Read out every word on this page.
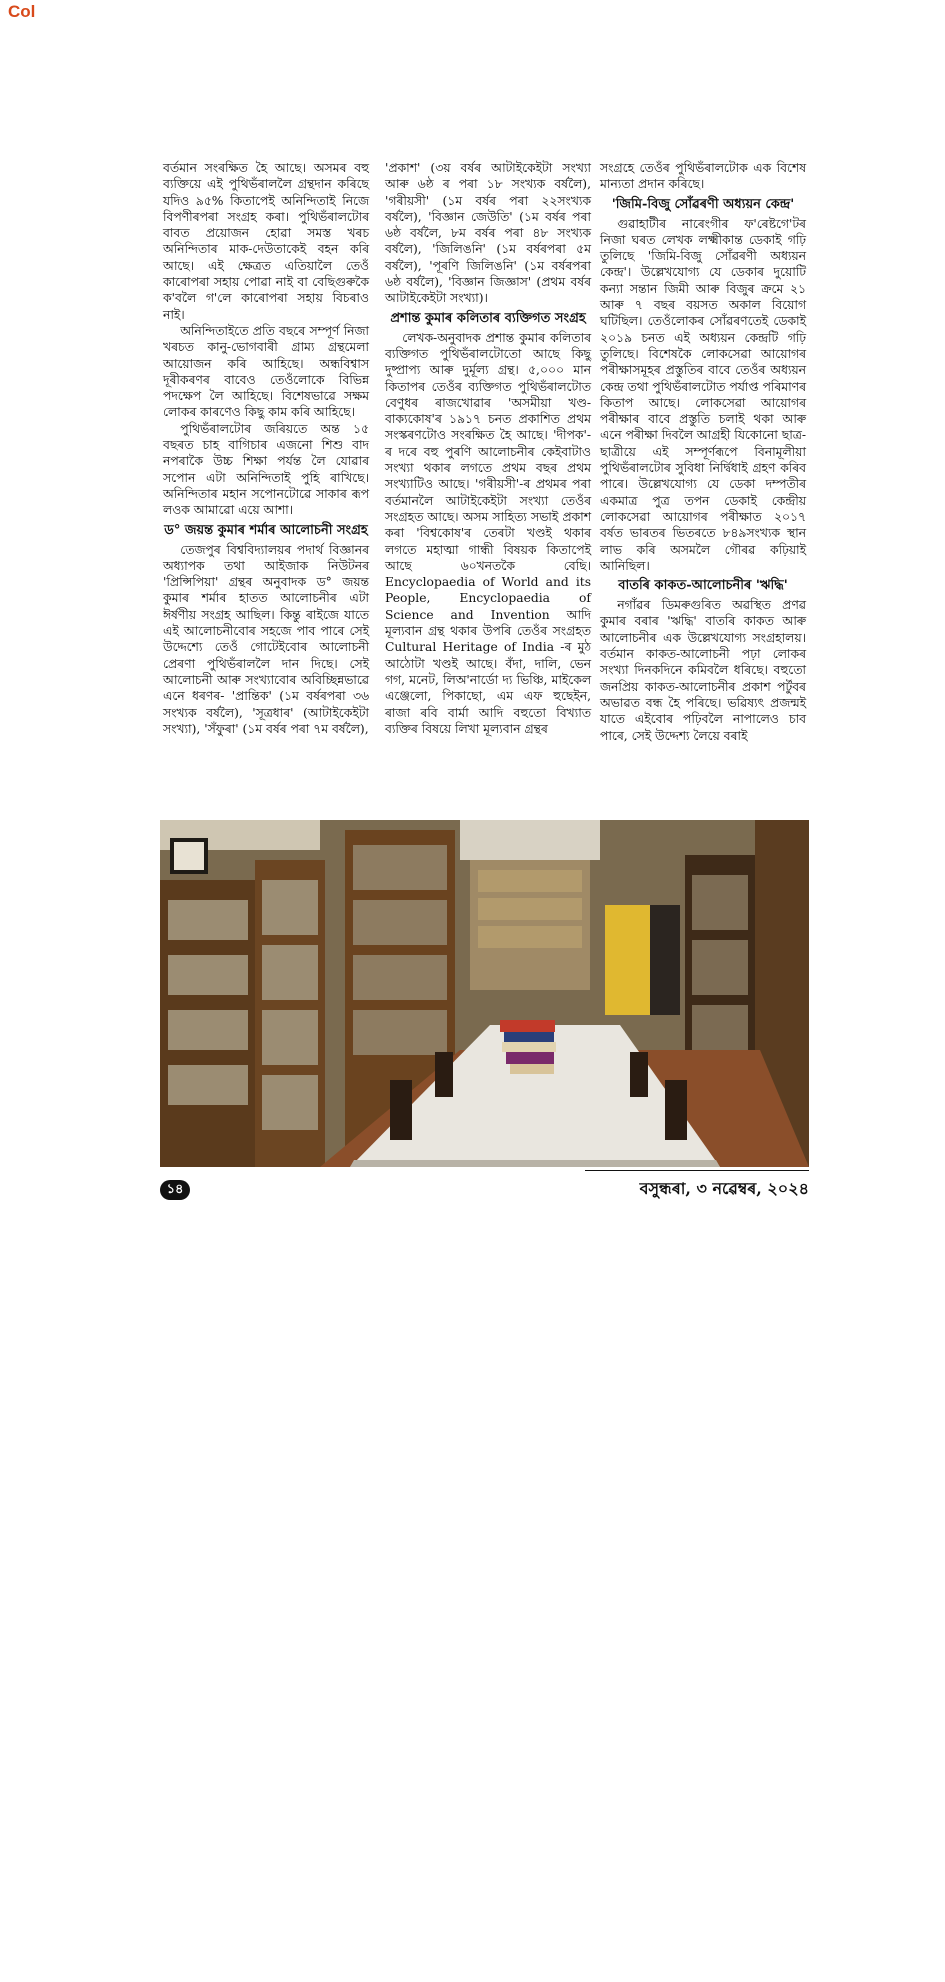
Col

বৰ্তমান সংৰক্ষিত হৈ আছে। অসমৰ বহু ব্যক্তিয়ে এই পুথিভঁৰাললৈ গ্ৰন্থদান কৰিছে যদিও ৯৫% কিতাপেই অনিন্দিতাই নিজে বিপণীৰপৰা সংগ্ৰহ কৰা। পুথিভঁৰালটোৰ বাবত প্ৰয়োজন হোৱা সমস্ত খৰচ অনিন্দিতাৰ মাক-দেউতাকেই বহন কৰি আছে। এই ক্ষেত্ৰত এতিয়ালৈ তেওঁ কাৰোপৰা সহায় পোৱা নাই বা বেছিগুৰুকৈ ক'বলৈ গ'লে কাৰোপৰা সহায় বিচৰাও নাই।

অনিন্দিতাইতে প্ৰতি বছৰে সম্পূৰ্ণ নিজা খৰচত কানু-ভোগবাৰী গ্ৰাম্য গ্ৰন্থমেলা আয়োজন কৰি আহিছে। অন্ধবিশ্বাস দূৰীকৰণৰ বাবেও তেওঁলোকে বিভিন্ন পদক্ষেপ লৈ আহিছে। বিশেষভাৱে সক্ষম লোকৰ কাৰণেও কিছু কাম কৰি আহিছে।

পুথিভঁৰালটোৰ জৰিয়তে অন্ত ১৫ বছৰত চাহ বাগিচাৰ এজনো শিশু বাদ নপৰাকৈ উচ্চ শিক্ষা পৰ্যন্ত লৈ যোৱাৰ সপোন এটা অনিন্দিতাই পুহি ৰাখিছে। অনিন্দিতাৰ মহান সপোনটোৱে সাকাৰ ৰূপ লওক আমাৱো এয়ে আশা।

ড° জয়ন্ত কুমাৰ শৰ্মাৰ আলোচনী সংগ্ৰহ

তেজপুৰ বিশ্ববিদ্যালয়ৰ পদাৰ্থ বিজ্ঞানৰ অধ্যাপক তথা আইজাক নিউটনৰ 'প্ৰিন্সিপিয়া' গ্ৰন্থৰ অনুবাদক ড° জয়ন্ত কুমাৰ শৰ্মাৰ হাতত আলোচনীৰ এটা ঈৰ্ষণীয় সংগ্ৰহ আছিল। কিন্তু ৰাইজে যাতে এই আলোচনীবোৰ সহজে পাব পাৰে সেই উদ্দেশ্যে তেওঁ গোটেইবোৰ আলোচনী প্ৰেৰণা পুথিভঁৰাললৈ দান দিছে। সেই আলোচনী আৰু সংখ্যাবোৰ অবিচ্ছিন্নভাৱে এনে ধৰণৰ- 'প্ৰান্তিক' (১ম বৰ্ষৰপৰা ৩৬ সংখ্যক বৰ্ষলৈ), 'সূত্ৰধাৰ' (আটাইকেইটা সংখ্যা), 'সঁফুৰা' (১ম বৰ্ষৰ পৰা ৭ম বৰ্ষলৈ),

'প্ৰকাশ' (৩য় বৰ্ষৰ আটাইকেইটা সংখ্যা আৰু ৬ষ্ঠ ৰ পৰা ১৮ সংখ্যক বৰ্ষলৈ), 'গৰীয়সী' (১ম বৰ্ষৰ পৰা ২২সংখ্যক বৰ্ষলৈ), 'বিজ্ঞান জেউতি' (১ম বৰ্ষৰ পৰা ৬ষ্ঠ বৰ্ষলৈ, ৮ম বৰ্ষৰ পৰা ৪৮ সংখ্যক বৰ্ষলৈ), 'জিলিঙনি' (১ম বৰ্ষৰপৰা ৫ম বৰ্ষলৈ), 'পূৰণি জিলিঙনি' (১ম বৰ্ষৰপৰা ৬ষ্ঠ বৰ্ষলৈ), 'বিজ্ঞান জিজ্ঞাস' (প্ৰথম বৰ্ষৰ আটাইকেইটা সংখ্যা)।

প্ৰশান্ত কুমাৰ কলিতাৰ ব্যক্তিগত সংগ্ৰহ

লেখক-অনুবাদক প্ৰশান্ত কুমাৰ কলিতাৰ ব্যক্তিগত পুথিভঁৰালটোতো আছে কিছু দুষ্প্ৰাপ্য আৰু দুৰ্মূল্য গ্ৰন্থ। ৫,০০০ মান কিতাপৰ তেওঁৰ ব্যক্তিগত পুথিভঁৰালটোত বেণুধৰ ৰাজখোৱাৰ 'অসমীয়া খণ্ড-বাক্যকোষ'ৰ ১৯১৭ চনত প্ৰকাশিত প্ৰথম সংস্কৰণটোও সংৰক্ষিত হৈ আছে। 'দীপক'-ৰ দৰে বহু পুৰণি আলোচনীৰ কেইবাটাও সংখ্যা থকাৰ লগতে প্ৰথম বছৰ প্ৰথম সংখ্যাটিও আছে। 'গৰীয়সী'-ৰ প্ৰথমৰ পৰা বৰ্তমানলৈ আটাইকেইটা সংখ্যা তেওঁৰ সংগ্ৰহত আছে। অসম সাহিত্য সভাই প্ৰকাশ কৰা 'বিশ্বকোষ'ৰ তেৰটা খণ্ডই থকাৰ লগতে মহাত্মা গান্ধী বিষয়ক কিতাপেই আছে ৬০খনতকৈ বেছি। Encyclopaedia of World and its People, Encyclopaedia of Science and Invention আদি মূল্যবান গ্ৰন্থ থকাৰ উপৰি তেওঁৰ সংগ্ৰহত Cultural Heritage of India -ৰ মুঠ আঠোটা খণ্ডই আছে। বঁদা, দালি, ভেন গগ, মনেট, লিঅ'নাৰ্ডো দ্য ভিঞ্চি, মাইকেল এঞ্জেলো, পিকাছো, এম এফ হুছেইন, ৰাজা ৰবি বাৰ্মা আদি বহুতো বিখ্যাত ব্যক্তিৰ বিষয়ে লিখা মূল্যবান গ্ৰন্থৰ

সংগ্ৰহে তেওঁৰ পুথিভঁৰালটোক এক বিশেষ মান্যতা প্ৰদান কৰিছে।

'জিমি-বিজু সোঁৱৰণী অধ্যয়ন কেন্দ্ৰ'

গুৱাহাটীৰ নাৰেংগীৰ ফ'ৰেষ্টগে'টৰ নিজা ঘৰত লেখক লক্ষ্মীকান্ত ডেকাই গঢ়ি তুলিছে 'জিমি-বিজু সোঁৱৰণী অধ্যয়ন কেন্দ্ৰ'। উল্লেখযোগ্য যে ডেকাৰ দুয়োটি কন্যা সন্তান জিমী আৰু বিজুৰ ক্ৰমে ২১ আৰু ৭ বছৰ বয়সত অকাল বিয়োগ ঘটিছিল। তেওঁলোকৰ সোঁৱৰণতেই ডেকাই ২০১৯ চনত এই অধ্যয়ন কেন্দ্ৰটি গঢ়ি তুলিছে। বিশেষকৈ লোকসেৱা আয়োগৰ পৰীক্ষাসমূহৰ প্ৰস্তুতিৰ বাবে তেওঁৰ অধ্যয়ন কেন্দ্ৰ তথা পুথিভঁৰালটোত পৰ্যাপ্ত পৰিমাণৰ কিতাপ আছে। লোকসেৱা আয়োগৰ পৰীক্ষাৰ বাবে প্ৰস্তুতি চলাই থকা আৰু এনে পৰীক্ষা দিবলৈ আগ্ৰহী যিকোনো ছাত্ৰ-ছাত্ৰীয়ে এই সম্পূৰ্ণৰূপে বিনামূলীয়া পুথিভঁৰালটোৰ সুবিধা নিৰ্দ্বিধাই গ্ৰহণ কৰিব পাৰে। উল্লেখযোগ্য যে ডেকা দম্পতীৰ একমাত্ৰ পুত্ৰ তপন ডেকাই কেন্দ্ৰীয় লোকসেৱা আয়োগৰ পৰীক্ষাত ২০১৭ বৰ্ষত ভাৰতৰ ভিতৰতে ৮৪৯সংখ্যক স্থান লাভ কৰি অসমলৈ গৌৰৱ কঢ়িয়াই আনিছিল।

বাতৰি কাকত-আলোচনীৰ 'ঋদ্ধি'

নগাঁৱৰ ডিমৰুগুৰিত অৱস্থিত প্ৰণৱ কুমাৰ বৰাৰ 'ঋদ্ধি' বাতৰি কাকত আৰু আলোচনীৰ এক উল্লেখযোগ্য সংগ্ৰহালয়। বৰ্তমান কাকত-আলোচনী পঢ়া লোকৰ সংখ্যা দিনকদিনে কমিবলৈ ধৰিছে। বহুতো জনপ্ৰিয় কাকত-আলোচনীৰ প্ৰকাশ পৰ্টুবৰ অভাৱত বন্ধ হৈ পৰিছে। ভৱিষ্যৎ প্ৰজন্মই যাতে এইবোৰ পঢ়িবলৈ নাপালেও চাব পাৰে, সেই উদ্দেশ্য লৈয়ে বৰাই

নন্দ তালুকদাৰ ফাউণ্ডেশ্যন
১৪	বসুন্ধৰা, ৩ নৱেম্বৰ, ২০২৪
